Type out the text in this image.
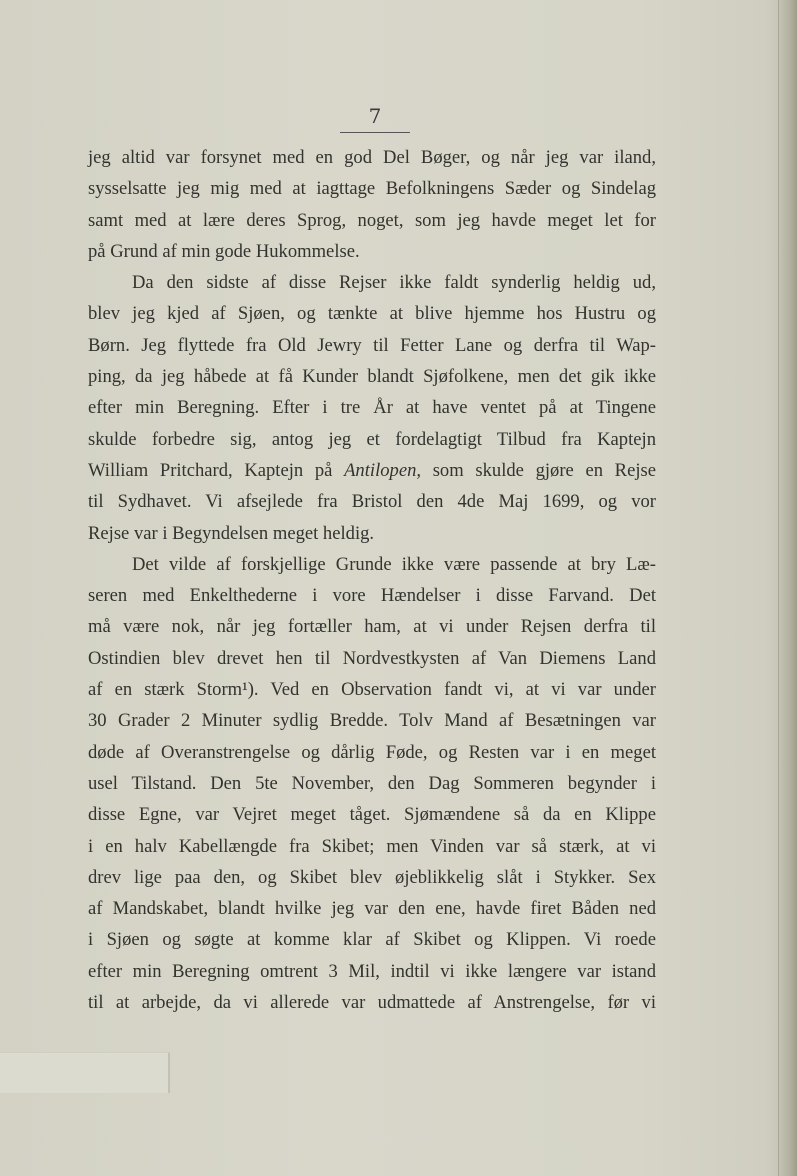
7
jeg altid var forsynet med en god Del Bøger, og når jeg var iland,
sysselsatte jeg mig med at iagttage Befolkningens Sæder og Sindelag
samt med at lære deres Sprog, noget, som jeg havde meget let for
på Grund af min gode Hukommelse.
Da den sidste af disse Rejser ikke faldt synderlig heldig ud,
blev jeg kjed af Sjøen, og tænkte at blive hjemme hos Hustru og
Børn. Jeg flyttede fra Old Jewry til Fetter Lane og derfra til Wap-
ping, da jeg håbede at få Kunder blandt Sjøfolkene, men det gik ikke
efter min Beregning. Efter i tre År at have ventet på at Tingene
skulde forbedre sig, antog jeg et fordelagtigt Tilbud fra Kaptejn
William Pritchard, Kaptejn på Antilopen, som skulde gjøre en Rejse
til Sydhavet. Vi afsejlede fra Bristol den 4de Maj 1699, og vor
Rejse var i Begyndelsen meget heldig.
Det vilde af forskjellige Grunde ikke være passende at bry Læ-
seren med Enkelthederne i vore Hændelser i disse Farvand. Det
må være nok, når jeg fortæller ham, at vi under Rejsen derfra til
Ostindien blev drevet hen til Nordvestkysten af Van Diemens Land
af en stærk Storm¹). Ved en Observation fandt vi, at vi var under
30 Grader 2 Minuter sydlig Bredde. Tolv Mand af Besætningen var
døde af Overanstrengelse og dårlig Føde, og Resten var i en meget
usel Tilstand. Den 5te November, den Dag Sommeren begynder i
disse Egne, var Vejret meget tåget. Sjømændene så da en Klippe
i en halv Kabellængde fra Skibet; men Vinden var så stærk, at vi
drev lige paa den, og Skibet blev øjeblikkelig slåt i Stykker. Sex
af Mandskabet, blandt hvilke jeg var den ene, havde firet Båden ned
i Sjøen og søgte at komme klar af Skibet og Klippen. Vi roede
efter min Beregning omtrent 3 Mil, indtil vi ikke længere var istand
til at arbejde, da vi allerede var udmattede af Anstrengelse, før vi
